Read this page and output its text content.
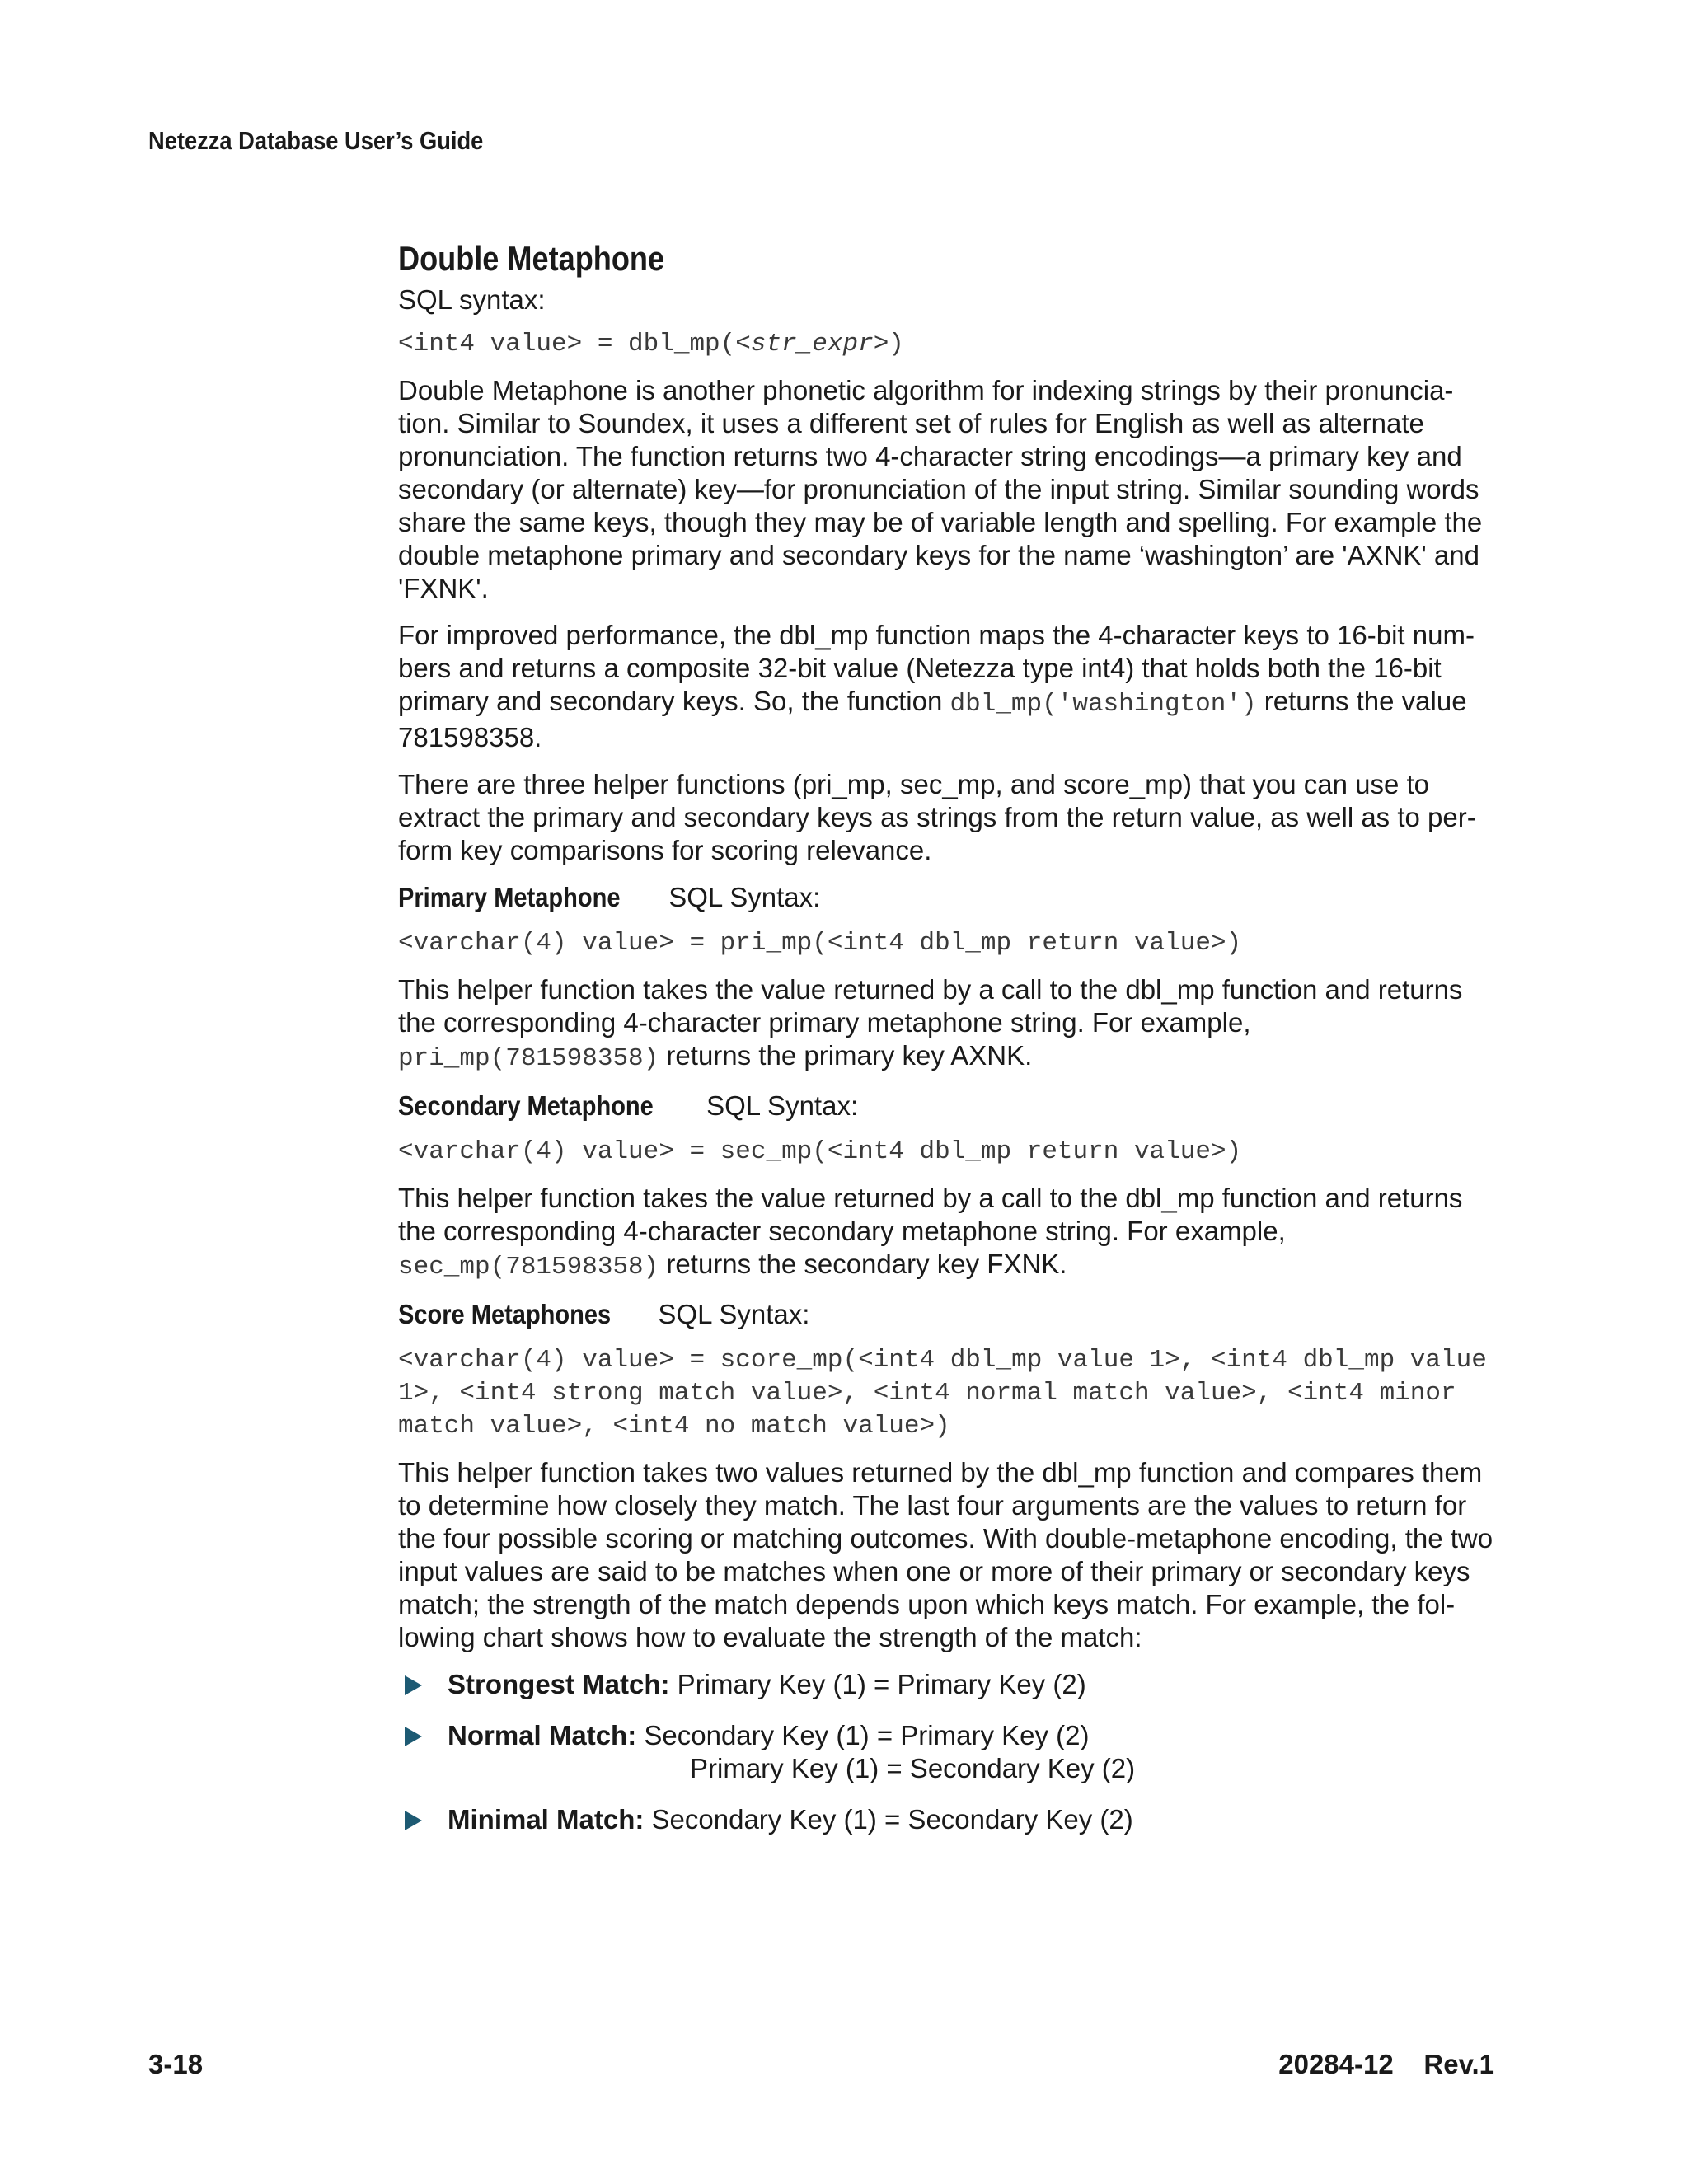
Netezza Database User’s Guide
Double Metaphone

SQL syntax:

<int4 value> = dbl_mp(<str_expr>)

Double Metaphone is another phonetic algorithm for indexing strings by their pronuncia-tion. Similar to Soundex, it uses a different set of rules for English as well as alternate pronunciation. The function returns two 4-character string encodings—a primary key and secondary (or alternate) key—for pronunciation of the input string. Similar sounding words share the same keys, though they may be of variable length and spelling. For example the double metaphone primary and secondary keys for the name ‘washington’ are 'AXNK' and 'FXNK'.

For improved performance, the dbl_mp function maps the 4-character keys to 16-bit num-bers and returns a composite 32-bit value (Netezza type int4) that holds both the 16-bit primary and secondary keys. So, the function dbl_mp('washington') returns the value 781598358.

There are three helper functions (pri_mp, sec_mp, and score_mp) that you can use to extract the primary and secondary keys as strings from the return value, as well as to per-form key comparisons for scoring relevance.

Primary Metaphone SQL Syntax:

<varchar(4) value> = pri_mp(<int4 dbl_mp return value>)

This helper function takes the value returned by a call to the dbl_mp function and returns the corresponding 4-character primary metaphone string. For example,
pri_mp(781598358) returns the primary key AXNK.

Secondary Metaphone SQL Syntax:

<varchar(4) value> = sec_mp(<int4 dbl_mp return value>)

This helper function takes the value returned by a call to the dbl_mp function and returns the corresponding 4-character secondary metaphone string. For example,
sec_mp(781598358) returns the secondary key FXNK.

Score Metaphones SQL Syntax:

<varchar(4) value> = score_mp(<int4 dbl_mp value 1>, <int4 dbl_mp value 1>, <int4 strong match value>, <int4 normal match value>, <int4 minor match value>, <int4 no match value>)

This helper function takes two values returned by the dbl_mp function and compares them to determine how closely they match. The last four arguments are the values to return for the four possible scoring or matching outcomes. With double-metaphone encoding, the two input values are said to be matches when one or more of their primary or secondary keys match; the strength of the match depends upon which keys match. For example, the fol-lowing chart shows how to evaluate the strength of the match:

Strongest Match: Primary Key (1) = Primary Key (2)
Normal Match: Secondary Key (1) = Primary Key (2)
Primary Key (1) = Secondary Key (2)
Minimal Match: Secondary Key (1) = Secondary Key (2)
3-18	20284-12    Rev.1
